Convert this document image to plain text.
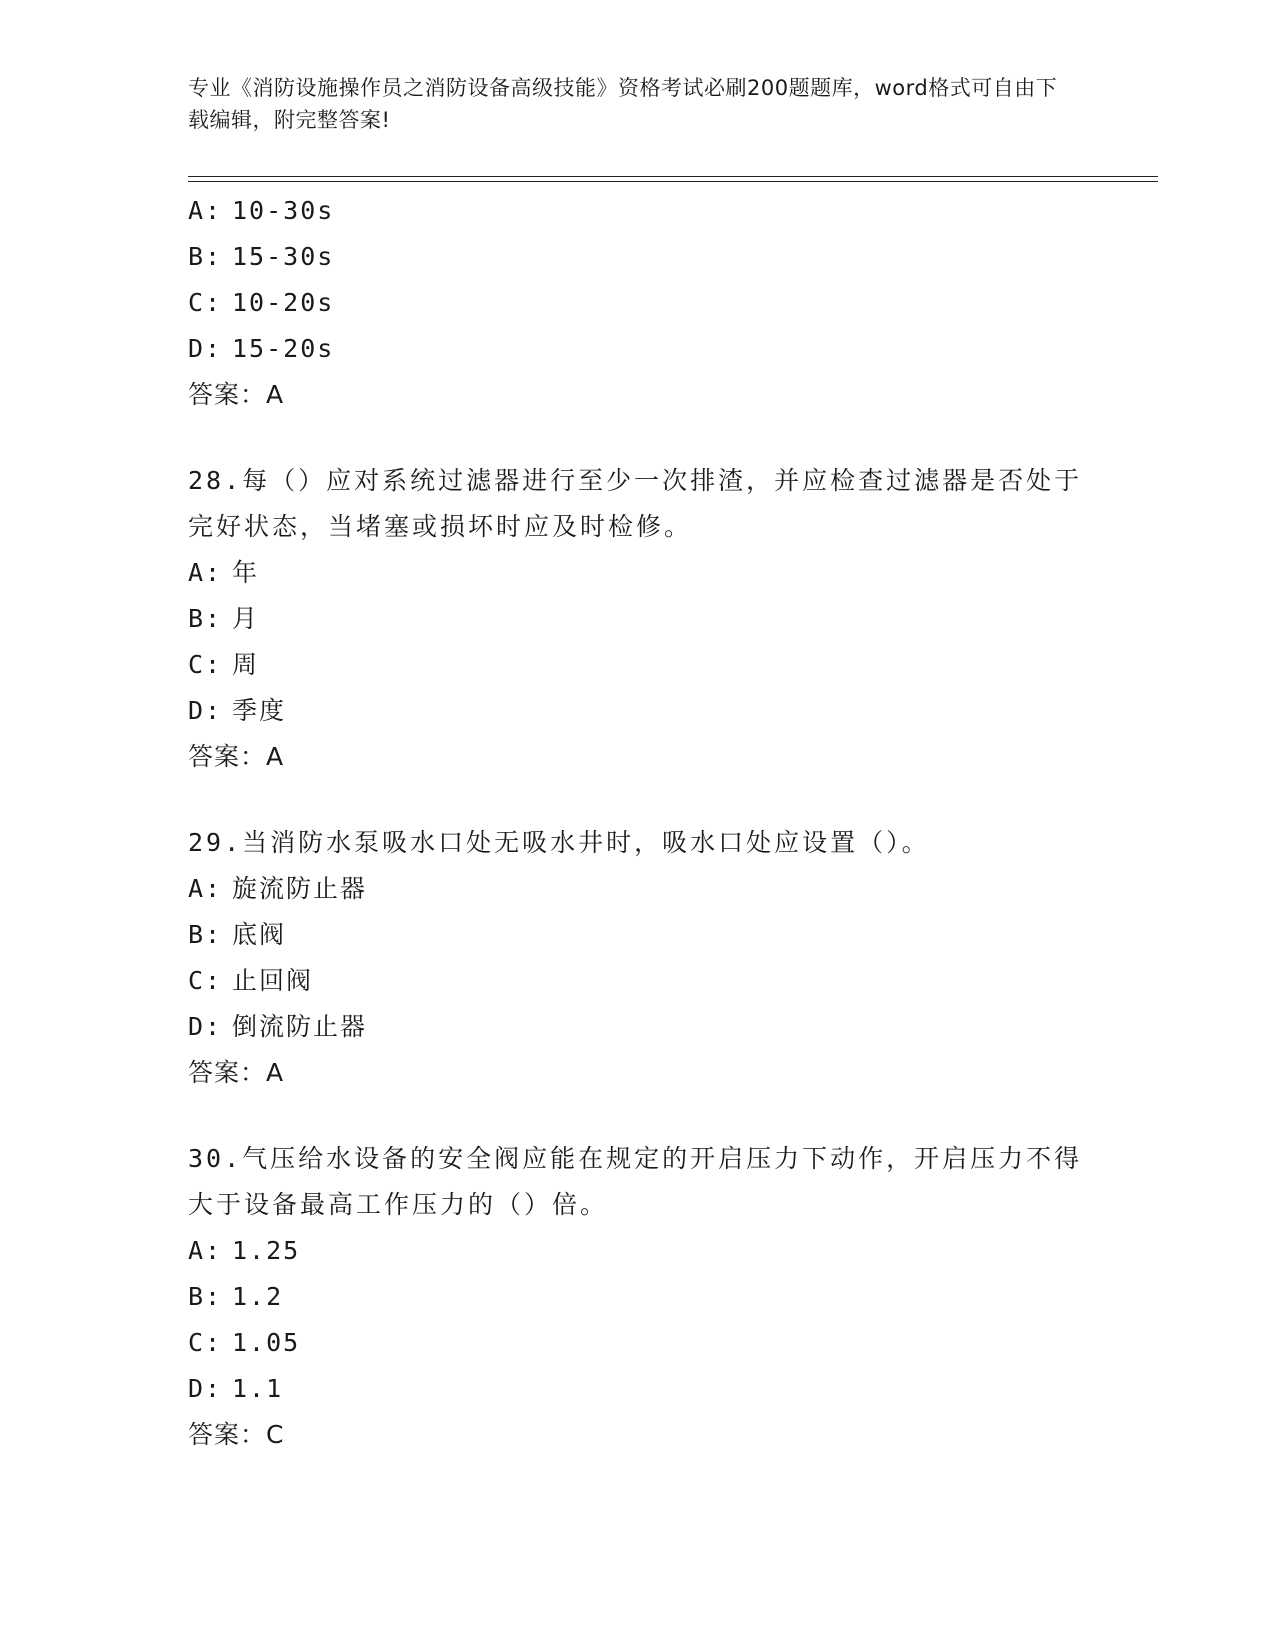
专业《消防设施操作员之消防设备高级技能》资格考试必刷200题题库，word格式可自由下载编辑，附完整答案!
A: 10-30s
B: 15-30s
C: 10-20s
D: 15-20s
答案：A
28.每（）应对系统过滤器进行至少一次排渣，并应检查过滤器是否处于完好状态，当堵塞或损坏时应及时检修。
A: 年
B: 月
C: 周
D: 季度
答案：A
29.当消防水泵吸水口处无吸水井时，吸水口处应设置（）。
A: 旋流防止器
B: 底阀
C: 止回阀
D: 倒流防止器
答案：A
30.气压给水设备的安全阀应能在规定的开启压力下动作，开启压力不得大于设备最高工作压力的（）倍。
A: 1.25
B: 1.2
C: 1.05
D: 1.1
答案：C
